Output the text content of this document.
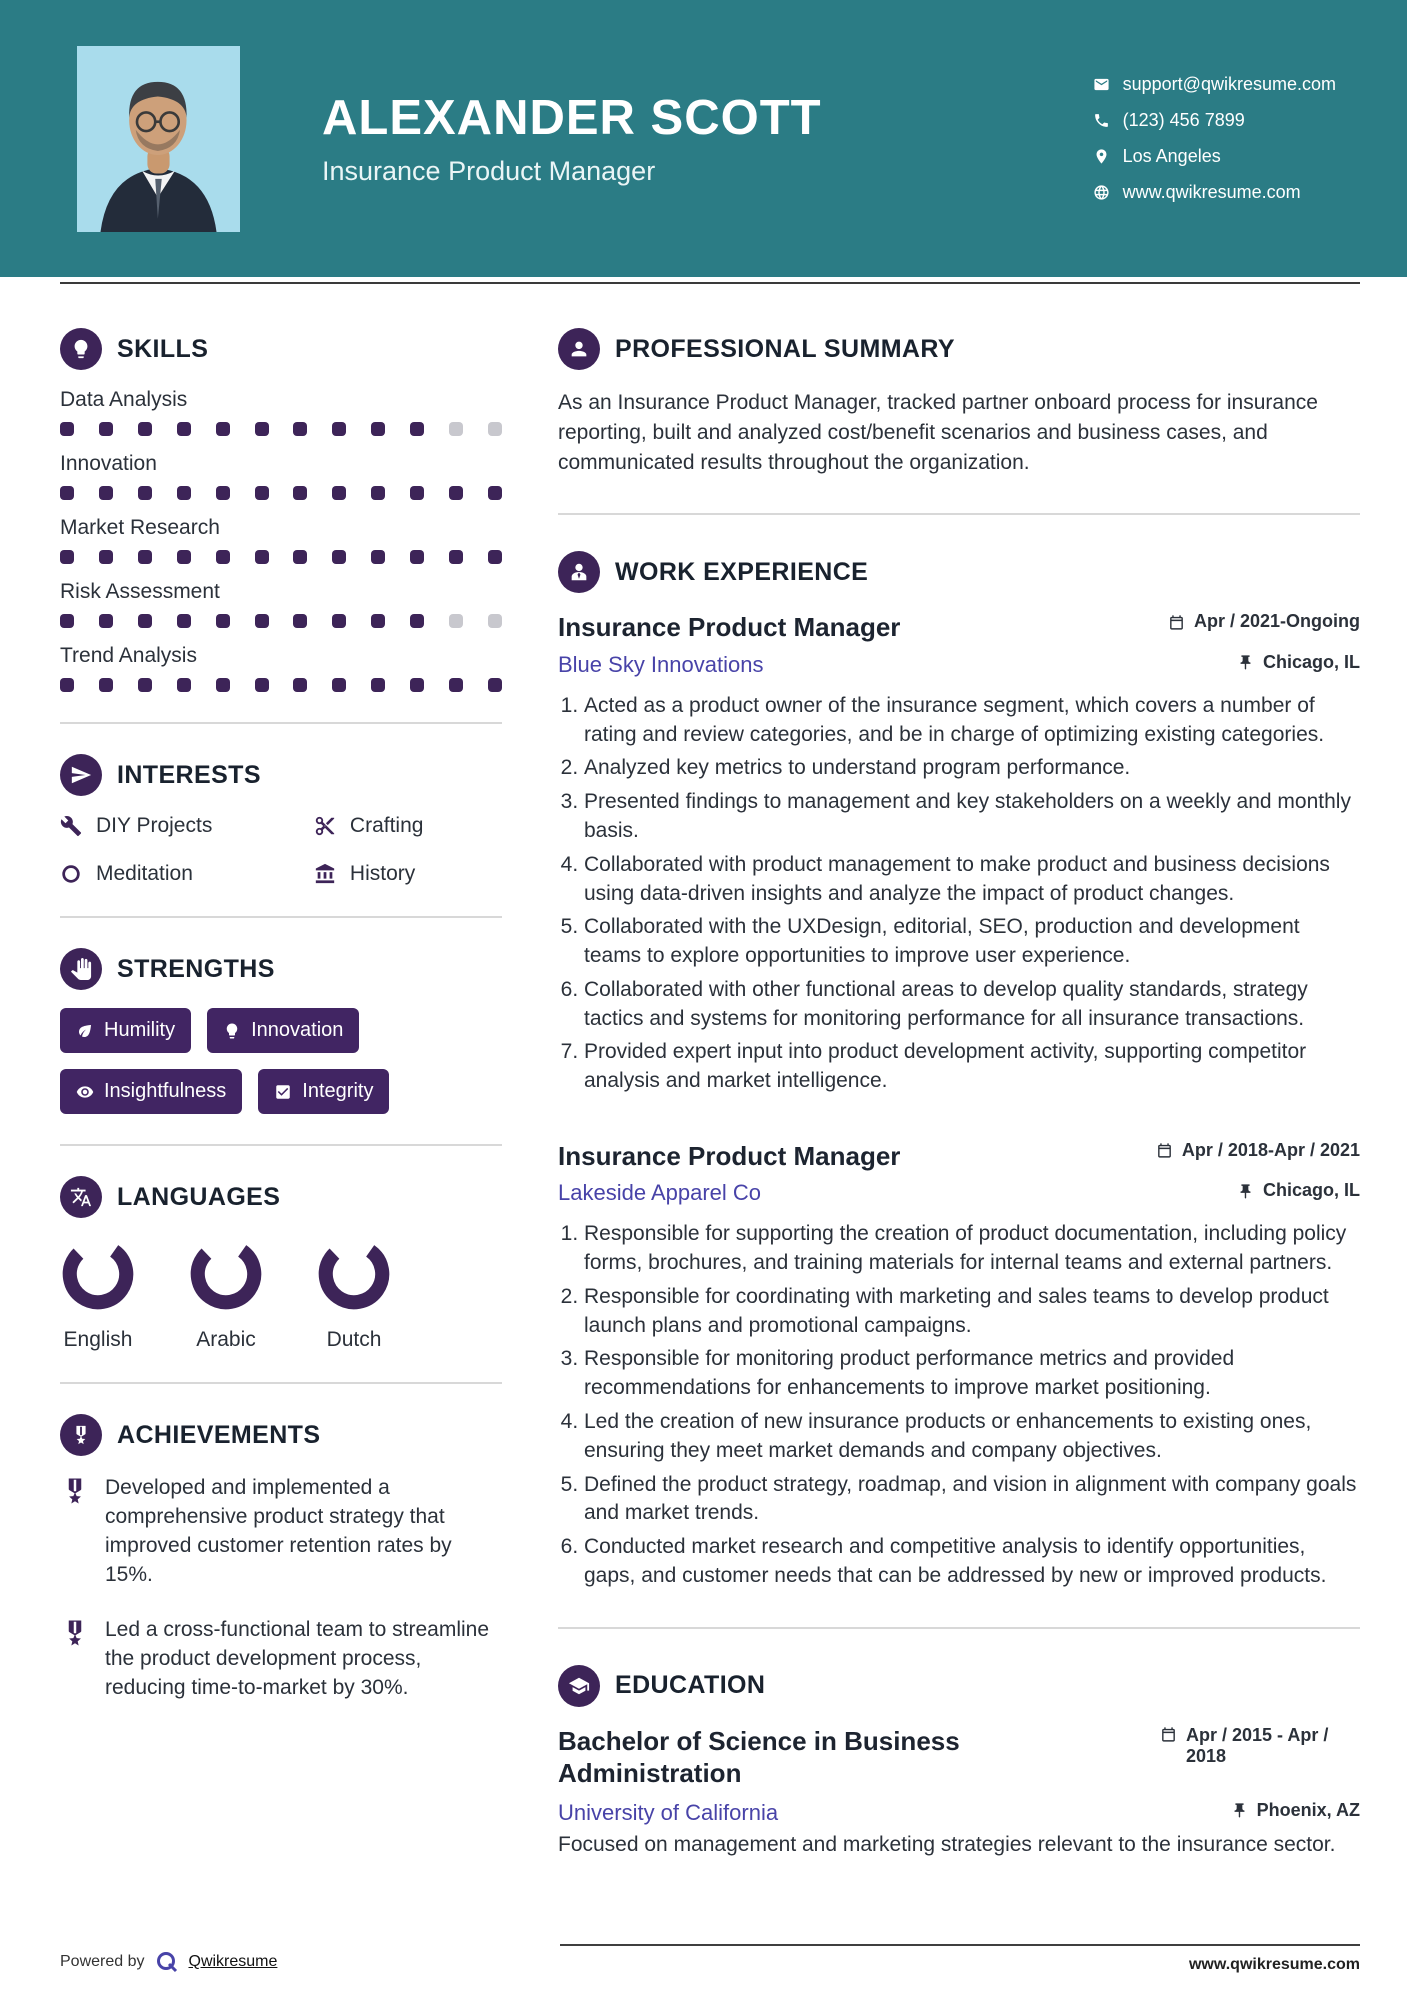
ALEXANDER SCOTT
Insurance Product Manager
support@qwikresume.com
(123) 456 7899
Los Angeles
www.qwikresume.com
SKILLS
Data Analysis
Innovation
Market Research
Risk Assessment
Trend Analysis
INTERESTS
DIY Projects	Crafting
Meditation	History
STRENGTHS
Humility	Innovation
Insightfulness	Integrity
LANGUAGES
English	Arabic	Dutch
ACHIEVEMENTS

Developed and implemented a comprehensive product strategy that improved customer retention rates by 15%.

Led a cross-functional team to streamline the product development process, reducing time-to-market by 30%.

PROFESSIONAL SUMMARY

As an Insurance Product Manager, tracked partner onboard process for insurance reporting, built and analyzed cost/benefit scenarios and business cases, and communicated results throughout the organization.

WORK EXPERIENCE
Insurance Product Manager	Apr / 2021-Ongoing
Blue Sky Innovations	Chicago, IL
1. Acted as a product owner of the insurance segment, which covers a number of rating and review categories, and be in charge of optimizing existing categories.
2. Analyzed key metrics to understand program performance.
3. Presented findings to management and key stakeholders on a weekly and monthly basis.
4. Collaborated with product management to make product and business decisions using data-driven insights and analyze the impact of product changes.
5. Collaborated with the UXDesign, editorial, SEO, production and development teams to explore opportunities to improve user experience.
6. Collaborated with other functional areas to develop quality standards, strategy tactics and systems for monitoring performance for all insurance transactions.
7. Provided expert input into product development activity, supporting competitor analysis and market intelligence.
Insurance Product Manager	Apr / 2018-Apr / 2021
Lakeside Apparel Co	Chicago, IL
1. Responsible for supporting the creation of product documentation, including policy forms, brochures, and training materials for internal teams and external partners.
2. Responsible for coordinating with marketing and sales teams to develop product launch plans and promotional campaigns.
3. Responsible for monitoring product performance metrics and provided recommendations for enhancements to improve market positioning.
4. Led the creation of new insurance products or enhancements to existing ones, ensuring they meet market demands and company objectives.
5. Defined the product strategy, roadmap, and vision in alignment with company goals and market trends.
6. Conducted market research and competitive analysis to identify opportunities, gaps, and customer needs that can be addressed by new or improved products.
EDUCATION
Bachelor of Science in Business Administration
Apr / 2015 - Apr / 2018
University of California	Phoenix, AZ

Focused on management and marketing strategies relevant to the insurance sector.

Powered by	Qwikresume	www.qwikresume.com
